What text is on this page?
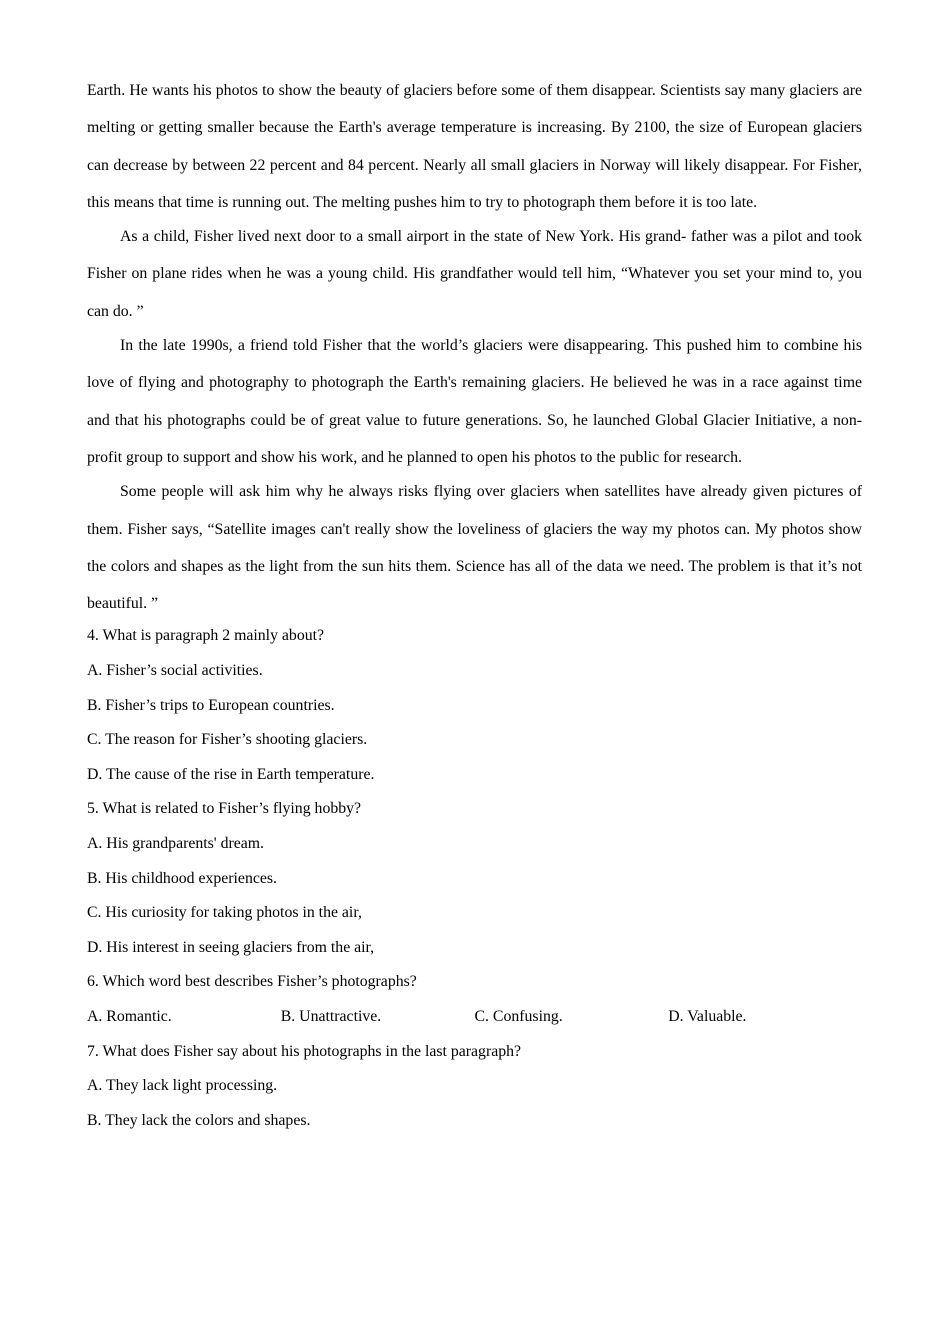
Earth. He wants his photos to show the beauty of glaciers before some of them disappear. Scientists say many glaciers are melting or getting smaller because the Earth's average temperature is increasing. By 2100, the size of European glaciers can decrease by between 22 percent and 84 percent. Nearly all small glaciers in Norway will likely disappear. For Fisher, this means that time is running out. The melting pushes him to try to photograph them before it is too late.

As a child, Fisher lived next door to a small airport in the state of New York. His grand- father was a pilot and took Fisher on plane rides when he was a young child. His grandfather would tell him, “Whatever you set your mind to, you can do. ”

In the late 1990s, a friend told Fisher that the world’s glaciers were disappearing. This pushed him to combine his love of flying and photography to photograph the Earth's remaining glaciers. He believed he was in a race against time and that his photographs could be of great value to future generations. So, he launched Global Glacier Initiative, a non-profit group to support and show his work, and he planned to open his photos to the public for research.

Some people will ask him why he always risks flying over glaciers when satellites have already given pictures of them. Fisher says, “Satellite images can't really show the loveliness of glaciers the way my photos can. My photos show the colors and shapes as the light from the sun hits them. Science has all of the data we need. The problem is that it’s not beautiful. ”

4. What is paragraph 2 mainly about?

A. Fisher’s social activities.

B. Fisher’s trips to European countries.

C. The reason for Fisher’s shooting glaciers.

D. The cause of the rise in Earth temperature.

5. What is related to Fisher’s flying hobby?

A. His grandparents' dream.

B. His childhood experiences.

C. His curiosity for taking photos in the air,

D. His interest in seeing glaciers from the air,

6. Which word best describes Fisher’s photographs?

A. Romantic.	B. Unattractive.	C. Confusing.	D. Valuable.

7. What does Fisher say about his photographs in the last paragraph?

A. They lack light processing.

B. They lack the colors and shapes.
